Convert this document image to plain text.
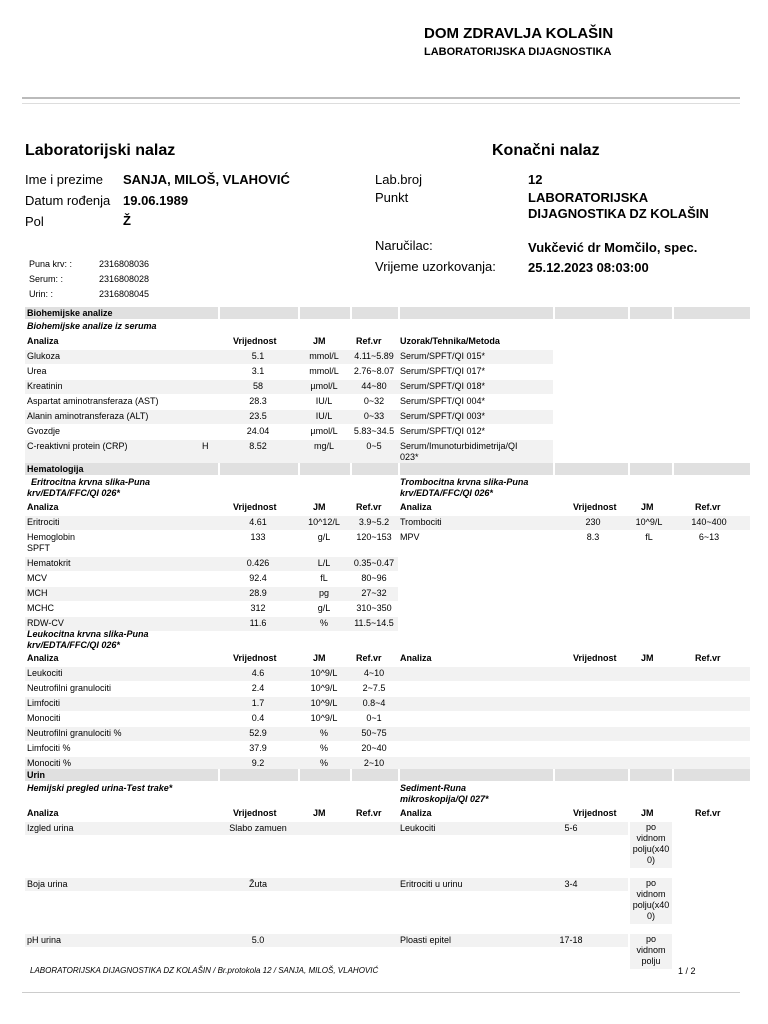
DOM ZDRAVLJA KOLAŠIN
LABORATORIJSKA DIJAGNOSTIKA
Laboratorijski nalaz	Konačni nalaz
Ime i prezime SANJA, MILOŠ, VLAHOVIĆ
Datum rođenja 19.06.1989
Pol	Ž
Lab.broj	12
Punkt	LABORATORIJSKA
DIJAGNOSTIKA DZ KOLAŠIN
Naručilac:	Vukčević dr Momčilo, spec.
Vrijeme uzorkovanja: 25.12.2023 08:03:00
Puna krv: :	2316808036
Serum: :	2316808028
Urin: :	2316808045
Biohemijske analize
Biohemijske analize iz seruma
Analiza	Vrijednost	JM	Ref.vr Uzorak/Tehnika/Metoda
Glukoza	5.1	mmol/L	4.11~5.89 Serum/SPFT/QI 015*
Urea	3.1	mmol/L	2.76~8.07 Serum/SPFT/QI 017*
Kreatinin	58	µmol/L	44~80	Serum/SPFT/QI 018*
Aspartat aminotransferaza (AST)	28.3	IU/L	0~32	Serum/SPFT/QI 004*
Alanin aminotransferaza (ALT)	23.5	IU/L	0~33	Serum/SPFT/QI 003*
Gvozdje	24.04	µmol/L	5.83~34.5 Serum/SPFT/QI 012*
C-reaktivni protein (CRP)	H	8.52	mg/L	0~5	Serum/Imunoturbidimetrija/QI
023*
Hematologija
Eritrocitna krvna slika-Puna
krv/EDTA/FFC/QI 026*
Trombocitna krvna slika-Puna
krv/EDTA/FFC/QI 026*
Analiza	Vrijednost	JM	Ref.vr Analiza	Vrijednost	JM	Ref.vr
Eritrociti	4.61	10^12/L	3.9~5.2
Hemoglobin	133	g/L	120~153
SPFT
Hematokrit	0.426	L/L	0.35~0.47
MCV	92.4	fL	80~96
MCH	28.9	pg	27~32
MCHC	312	g/L	310~350
RDW-CV	11.6	%	11.5~14.5
Trombociti	230	10^9/L	140~400
MPV	8.3	fL	6~13
Leukocitna krvna slika-Puna
krv/EDTA/FFC/QI 026*
Analiza	Vrijednost	JM	Ref.vr Analiza	Vrijednost	JM	Ref.vr
Leukociti	4.6	10^9/L	4~10
Neutrofilni granulociti	2.4	10^9/L	2~7.5
Limfociti	1.7	10^9/L	0.8~4
Monociti	0.4	10^9/L	0~1
Neutrofilni granulociti %	52.9	%	50~75
Limfociti %	37.9	%	20~40
Monociti %	9.2	%	2~10
Urin
Hemijski pregled urina-Test trake*	Sediment-Runa
mikroskopija/QI 027*
Analiza	Vrijednost	JM	Ref.vr Analiza	Vrijednost	JM	Ref.vr
Izgled urina	Slabo zamuen	Leukociti	5-6	po
vidnom
polju(x40
0)
Boja urina	Žuta	Eritrociti u urinu	3-4	po
vidnom
polju(x40
0)
pH urina	5.0	Ploasti epitel	17-18	po
vidnom
polju
LABORATORIJSKA DIJAGNOSTIKA DZ KOLAŠIN / Br.protokola 12 / SANJA, MILOŠ, VLAHOVIĆ	1 / 2
